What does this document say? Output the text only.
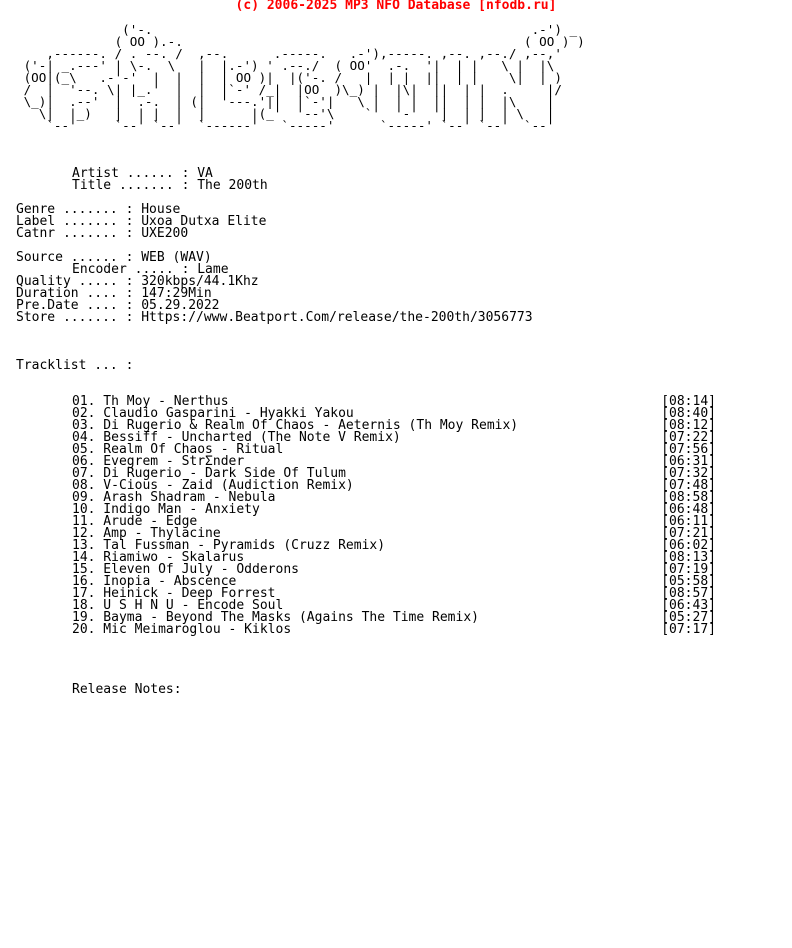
(c) 2006-2025 MP3 NFO Database [nfodb.ru]
('-.                                                  .-') _
( OO ).-.                                             ( OO ) )
,------. / . --. /  ,--.      .-----.   .-'),-----. ,--. ,--./ ,--,'
('-| _.---' | \-.  \   |  |.-') ' .--./  ( OO'  .-.  '|  | |   \ |  |\
(OO|(_\   .-'-'  |  |  |  | OO )|  |('-. /   |  | |  ||  | |    \|  | )
/  |  '--. \| |_.'  |  |  |`-' /_|  |OO  )\_) |  |\|  ||  | |  .     |/
\_)|  .--'  |  .-.  | (|  '---.'||  |`-'|   \ |  | |  ||  | |  |\    |
\|  |_)   |  | |  |  |      |(_'  '--'\    `'  '-'  '|  | |  | \   |
`--'     `--' `--'  `------'   `-----'      `-----' `--' `--'  `--'
Artist ...... : VA
Title ....... : The 200th
Genre ....... : House
Label ....... : Uxoa Dutxa Elite
Catnr ....... : UXE200
Source ...... : WEB (WAV)
Encoder ..... : Lame
Quality ..... : 320kbps/44.1Khz
Duration .... : 147:29Min
Pre.Date .... : 05.29.2022
Store ....... : Https://www.Beatport.Com/release/the-200th/3056773
Tracklist ... :
01. Th Moy - Nerthus	[08:14]
02. Claudio Gasparini - Hyakki Yakou	[08:40]
03. Di Rugerio & Realm Of Chaos - Aeternis (Th Moy Remix)	[08:12]
04. Bessiff - Uncharted (The Note V Remix)	[07:22]
05. Realm Of Chaos - Ritual	[07:56]
06. Evegrem - StrΣnder	[06:31]
07. Di Rugerio - Dark Side Of Tulum	[07:32]
08. V-Cious - Zaid (Audiction Remix)	[07:48]
09. Arash Shadram - Nebula	[08:58]
10. Indigo Man - Anxiety	[06:48]
11. Arude - Edge	[06:11]
12. Amp - Thylacine	[07:21]
13. Tal Fussman - Pyramids (Cruzz Remix)	[06:02]
14. Riamiwo - Skalarus	[08:13]
15. Eleven Of July - Odderons	[07:19]
16. Inopia - Abscence	[05:58]
17. Heinick - Deep Forrest	[08:57]
18. U S H N U - Encode Soul	[06:43]
19. Bayma - Beyond The Masks (Agains The Time Remix)	[05:27]
20. Mic Meimaroglou - Kiklos	[07:17]
Release Notes:
